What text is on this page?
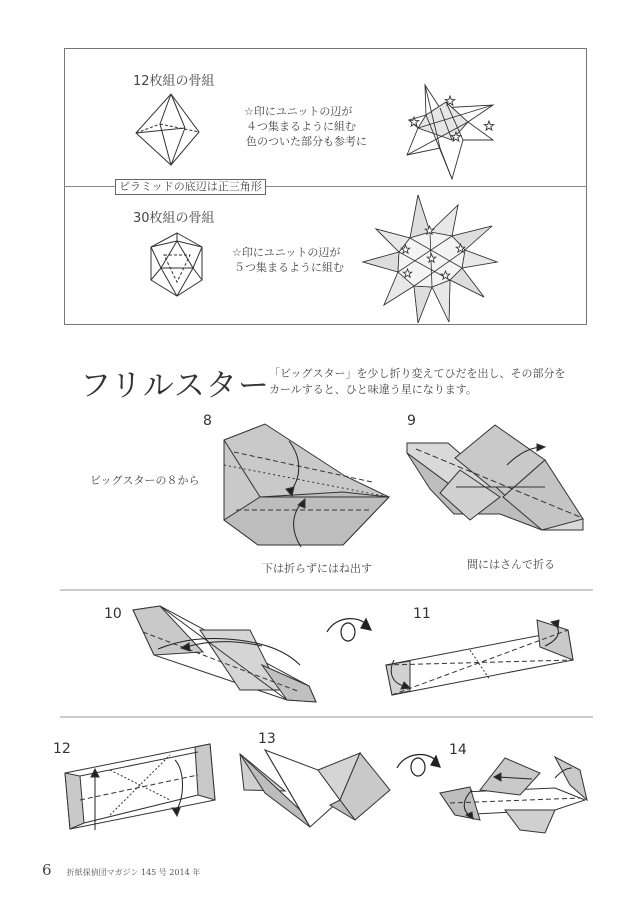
12枚組の骨組
☆印にユニットの辺が
４つ集まるように組む
色のついた部分も参考に
ピラミッドの底辺は正三角形
30枚組の骨組
☆印にユニットの辺が
５つ集まるように組む
フリルスター 「ビッグスター」を少し折り変えてひだを出し、その部分を
カールすると、ひと味違う星になります。
8	9
ビッグスターの８から
下は折らずにはね出す	間にはさんで折る
10	11
12
13
14
6 折紙探偵団マガジン 145 号 2014 年
